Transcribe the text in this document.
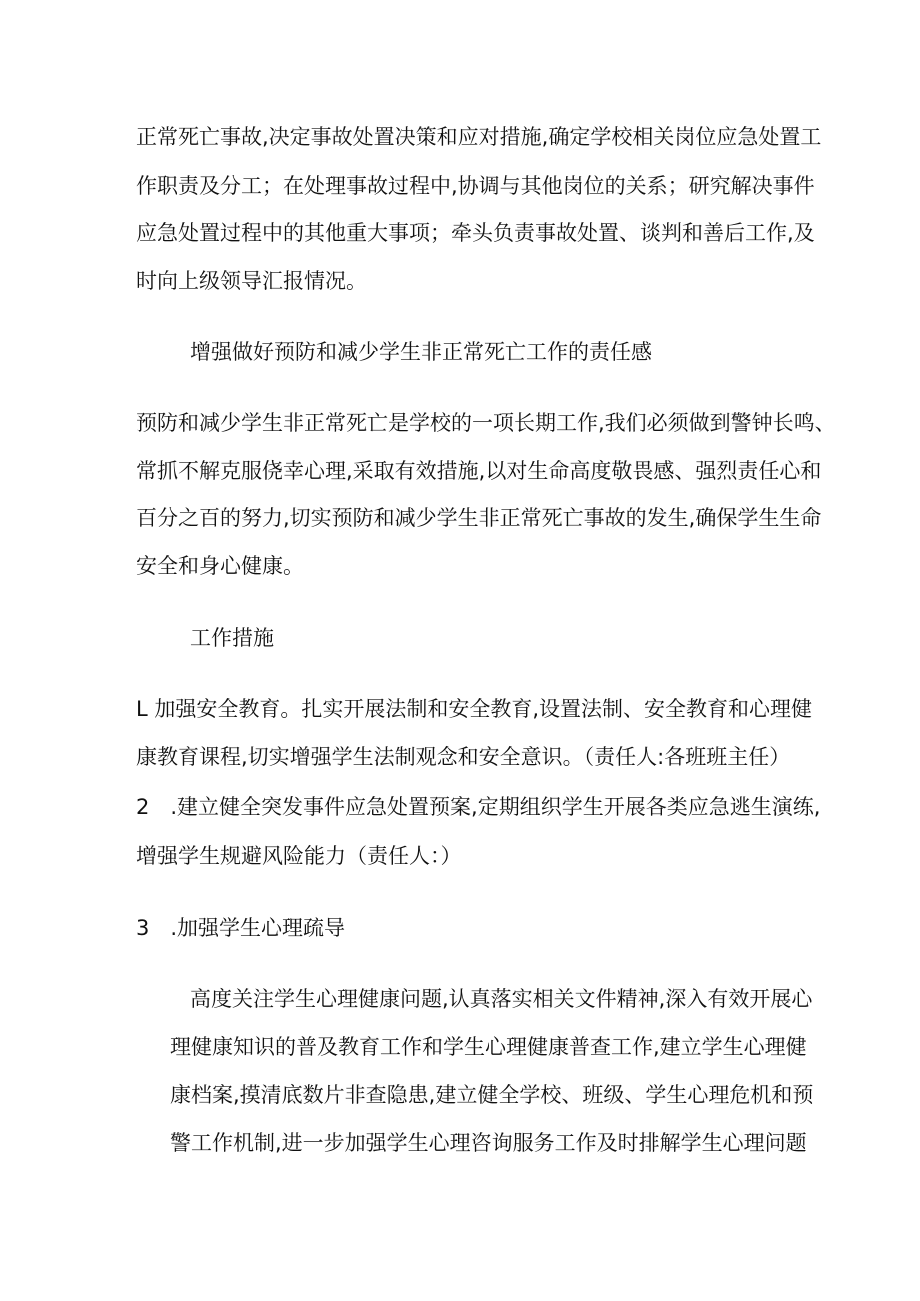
正常死亡事故,决定事故处置决策和应对措施,确定学校相关岗位应急处置工
作职责及分工；在处理事故过程中,协调与其他岗位的关系；研究解决事件
应急处置过程中的其他重大事项；牵头负责事故处置、谈判和善后工作,及
时向上级领导汇报情况。
增强做好预防和减少学生非正常死亡工作的责任感
预防和减少学生非正常死亡是学校的一项长期工作,我们必须做到警钟长鸣、
常抓不解克服侥幸心理,采取有效措施,以对生命高度敬畏感、强烈责任心和
百分之百的努力,切实预防和减少学生非正常死亡事故的发生,确保学生生命
安全和身心健康。
工作措施
L 加强安全教育。扎实开展法制和安全教育,设置法制、安全教育和心理健
康教育课程,切实增强学生法制观念和安全意识。（责任人:各班班主任）
2　.建立健全突发事件应急处置预案,定期组织学生开展各类应急逃生演练,
增强学生规避风险能力（责任人：）
3　.加强学生心理疏导
高度关注学生心理健康问题,认真落实相关文件精神,深入有效开展心
理健康知识的普及教育工作和学生心理健康普查工作,建立学生心理健
康档案,摸清底数片非查隐患,建立健全学校、班级、学生心理危机和预
警工作机制,进一步加强学生心理咨询服务工作及时排解学生心理问题
